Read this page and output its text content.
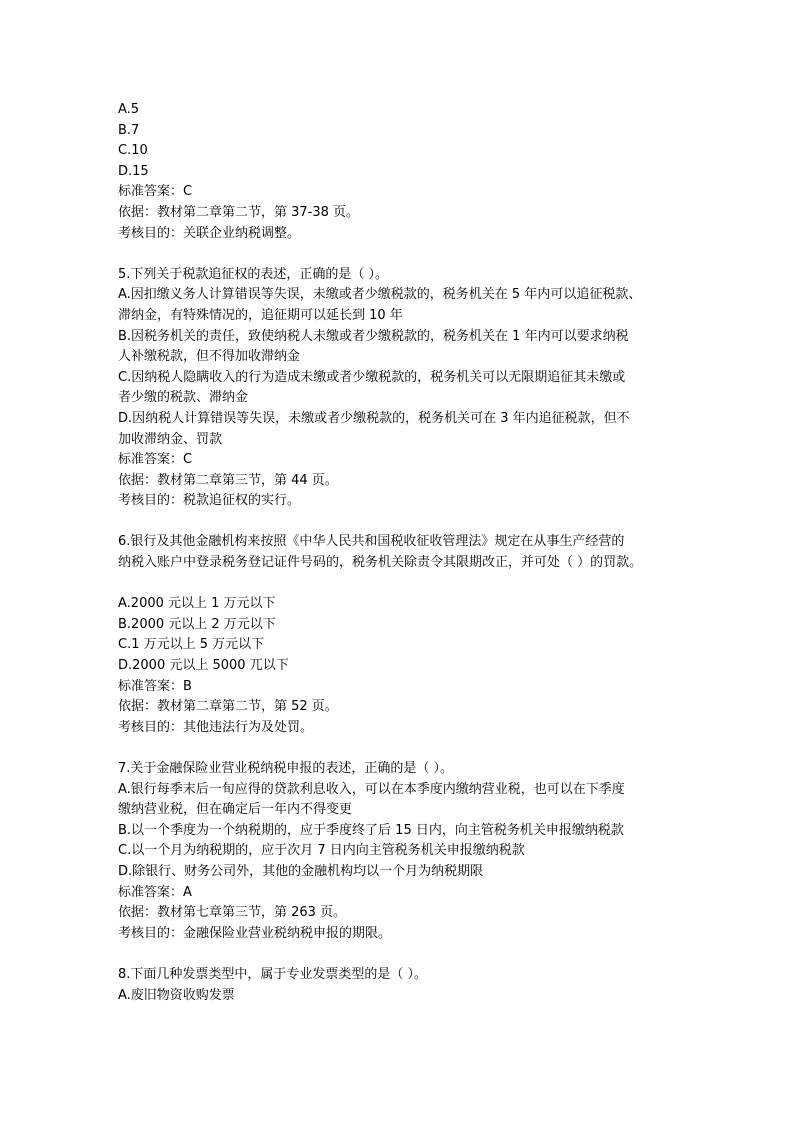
A.5
B.7
C.10
D.15
标准答案：C
依据：教材第二章第二节，第 37-38 页。
考核目的：关联企业纳税调整。
5.下列关于税款追征权的表述，正确的是（ ）。
A.因扣缴义务人计算错误等失误，未缴或者少缴税款的，税务机关在 5 年内可以追征税款、
滞纳金，有特殊情况的，追征期可以延长到 10 年
B.因税务机关的责任，致使纳税人未缴或者少缴税款的，税务机关在 1 年内可以要求纳税
人补缴税款，但不得加收滞纳金
C.因纳税人隐瞒收入的行为造成未缴或者少缴税款的，税务机关可以无限期追征其未缴或
者少缴的税款、滞纳金
D.因纳税人计算错误等失误，未缴或者少缴税款的，税务机关可在 3 年内追征税款，但不
加收滞纳金、罚款
标准答案：C
依据：教材第二章第三节，第 44 页。
考核目的：税款追征权的实行。
6.银行及其他金融机构来按照《中华人民共和国税收征收管理法》规定在从事生产经营的
纳税入账户中登录税务登记证件号码的，税务机关除责令其限期改正，并可处（ ）的罚款。
A.2000 元以上 1 万元以下
B.2000 元以上 2 万元以下
C.1 万元以上 5 万元以下
D.2000 元以上 5000 兀以下
标准答案：B
依据：教材第二章第二节，第 52 页。
考核目的：其他违法行为及处罚。
7.关于金融保险业营业税纳税申报的表述，正确的是（ ）。
A.银行每季末后一旬应得的贷款利息收入，可以在本季度内缴纳营业税，也可以在下季度
缴纳营业税，但在确定后一年内不得变更
B.以一个季度为一个纳税期的，应于季度终了后 15 日内，向主管税务机关申报缴纳税款
C.以一个月为纳税期的，应于次月 7 日内向主管税务机关申报缴纳税款
D.除银行、财务公司外，其他的金融机构均以一个月为纳税期限
标准答案：A
依据：教材第七章第三节，第 263 页。
考核目的：金融保险业营业税纳税申报的期限。
8.下面几种发票类型中，属于专业发票类型的是（ ）。
A.废旧物资收购发票
